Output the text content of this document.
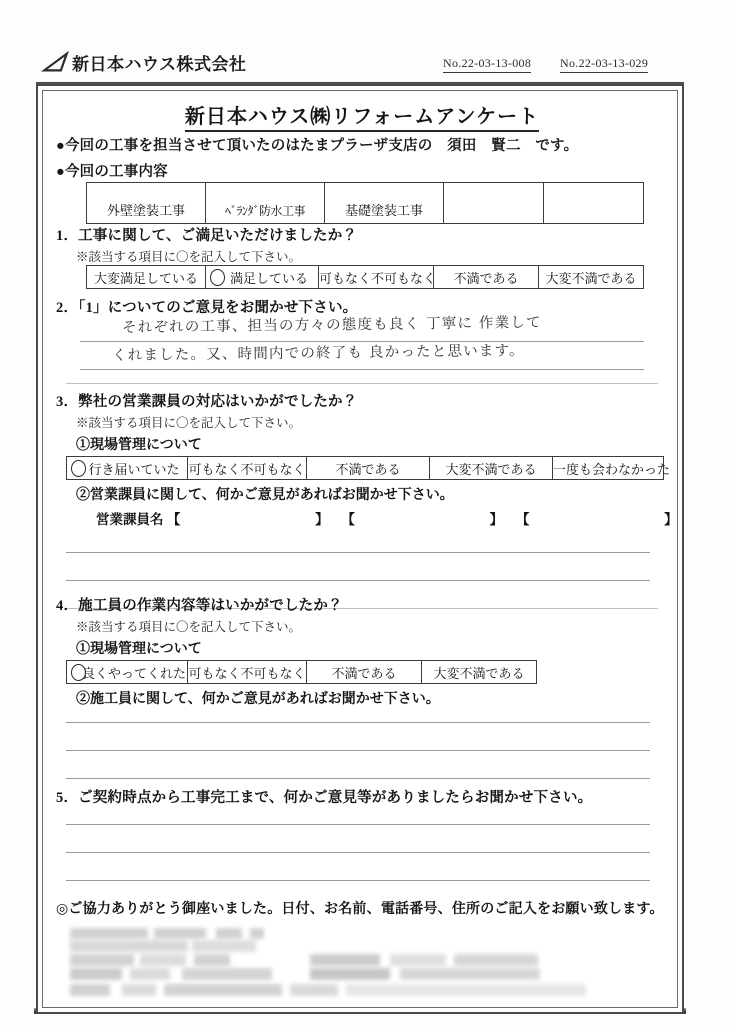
◿ 新日本ハウス株式会社	No.22-03-13-008 No.22-03-13-029
新日本ハウス㈱リフォームアンケート
●今回の工事を担当させて頂いたのはたまプラーザ支店の　須田　賢二　です。
●今回の工事内容
外壁塗装工事	ﾍﾞﾗﾝﾀﾞ防水工事	基礎塗装工事		
1．工事に関して、ご満足いただけましたか？
※該当する項目に〇を記入して下さい。
大変満足している	満足している	可もなく不可もなく	不満である	大変不満である
2．「1」についてのご意見をお聞かせ下さい。
それぞれの工事、担当の方々の態度も良く 丁寧に 作業して
くれました。又、時間内での終了も 良かったと思います。
3．弊社の営業課員の対応はいかがでしたか？
※該当する項目に〇を記入して下さい。
①現場管理について
行き届いていた	可もなく不可もなく	不満である	大変不満である	一度も会わなかった
②営業課員に関して、何かご意見があればお聞かせ下さい。
営業課員名 【	】 【	】 【	】
4．施工員の作業内容等はいかがでしたか？
※該当する項目に〇を記入して下さい。
①現場管理について
良くやってくれた	可もなく不可もなく	不満である	大変不満である
②施工員に関して、何かご意見があればお聞かせ下さい。
5．ご契約時点から工事完工まで、何かご意見等がありましたらお聞かせ下さい。
◎ご協力ありがとう御座いました。日付、お名前、電話番号、住所のご記入をお願い致します。
